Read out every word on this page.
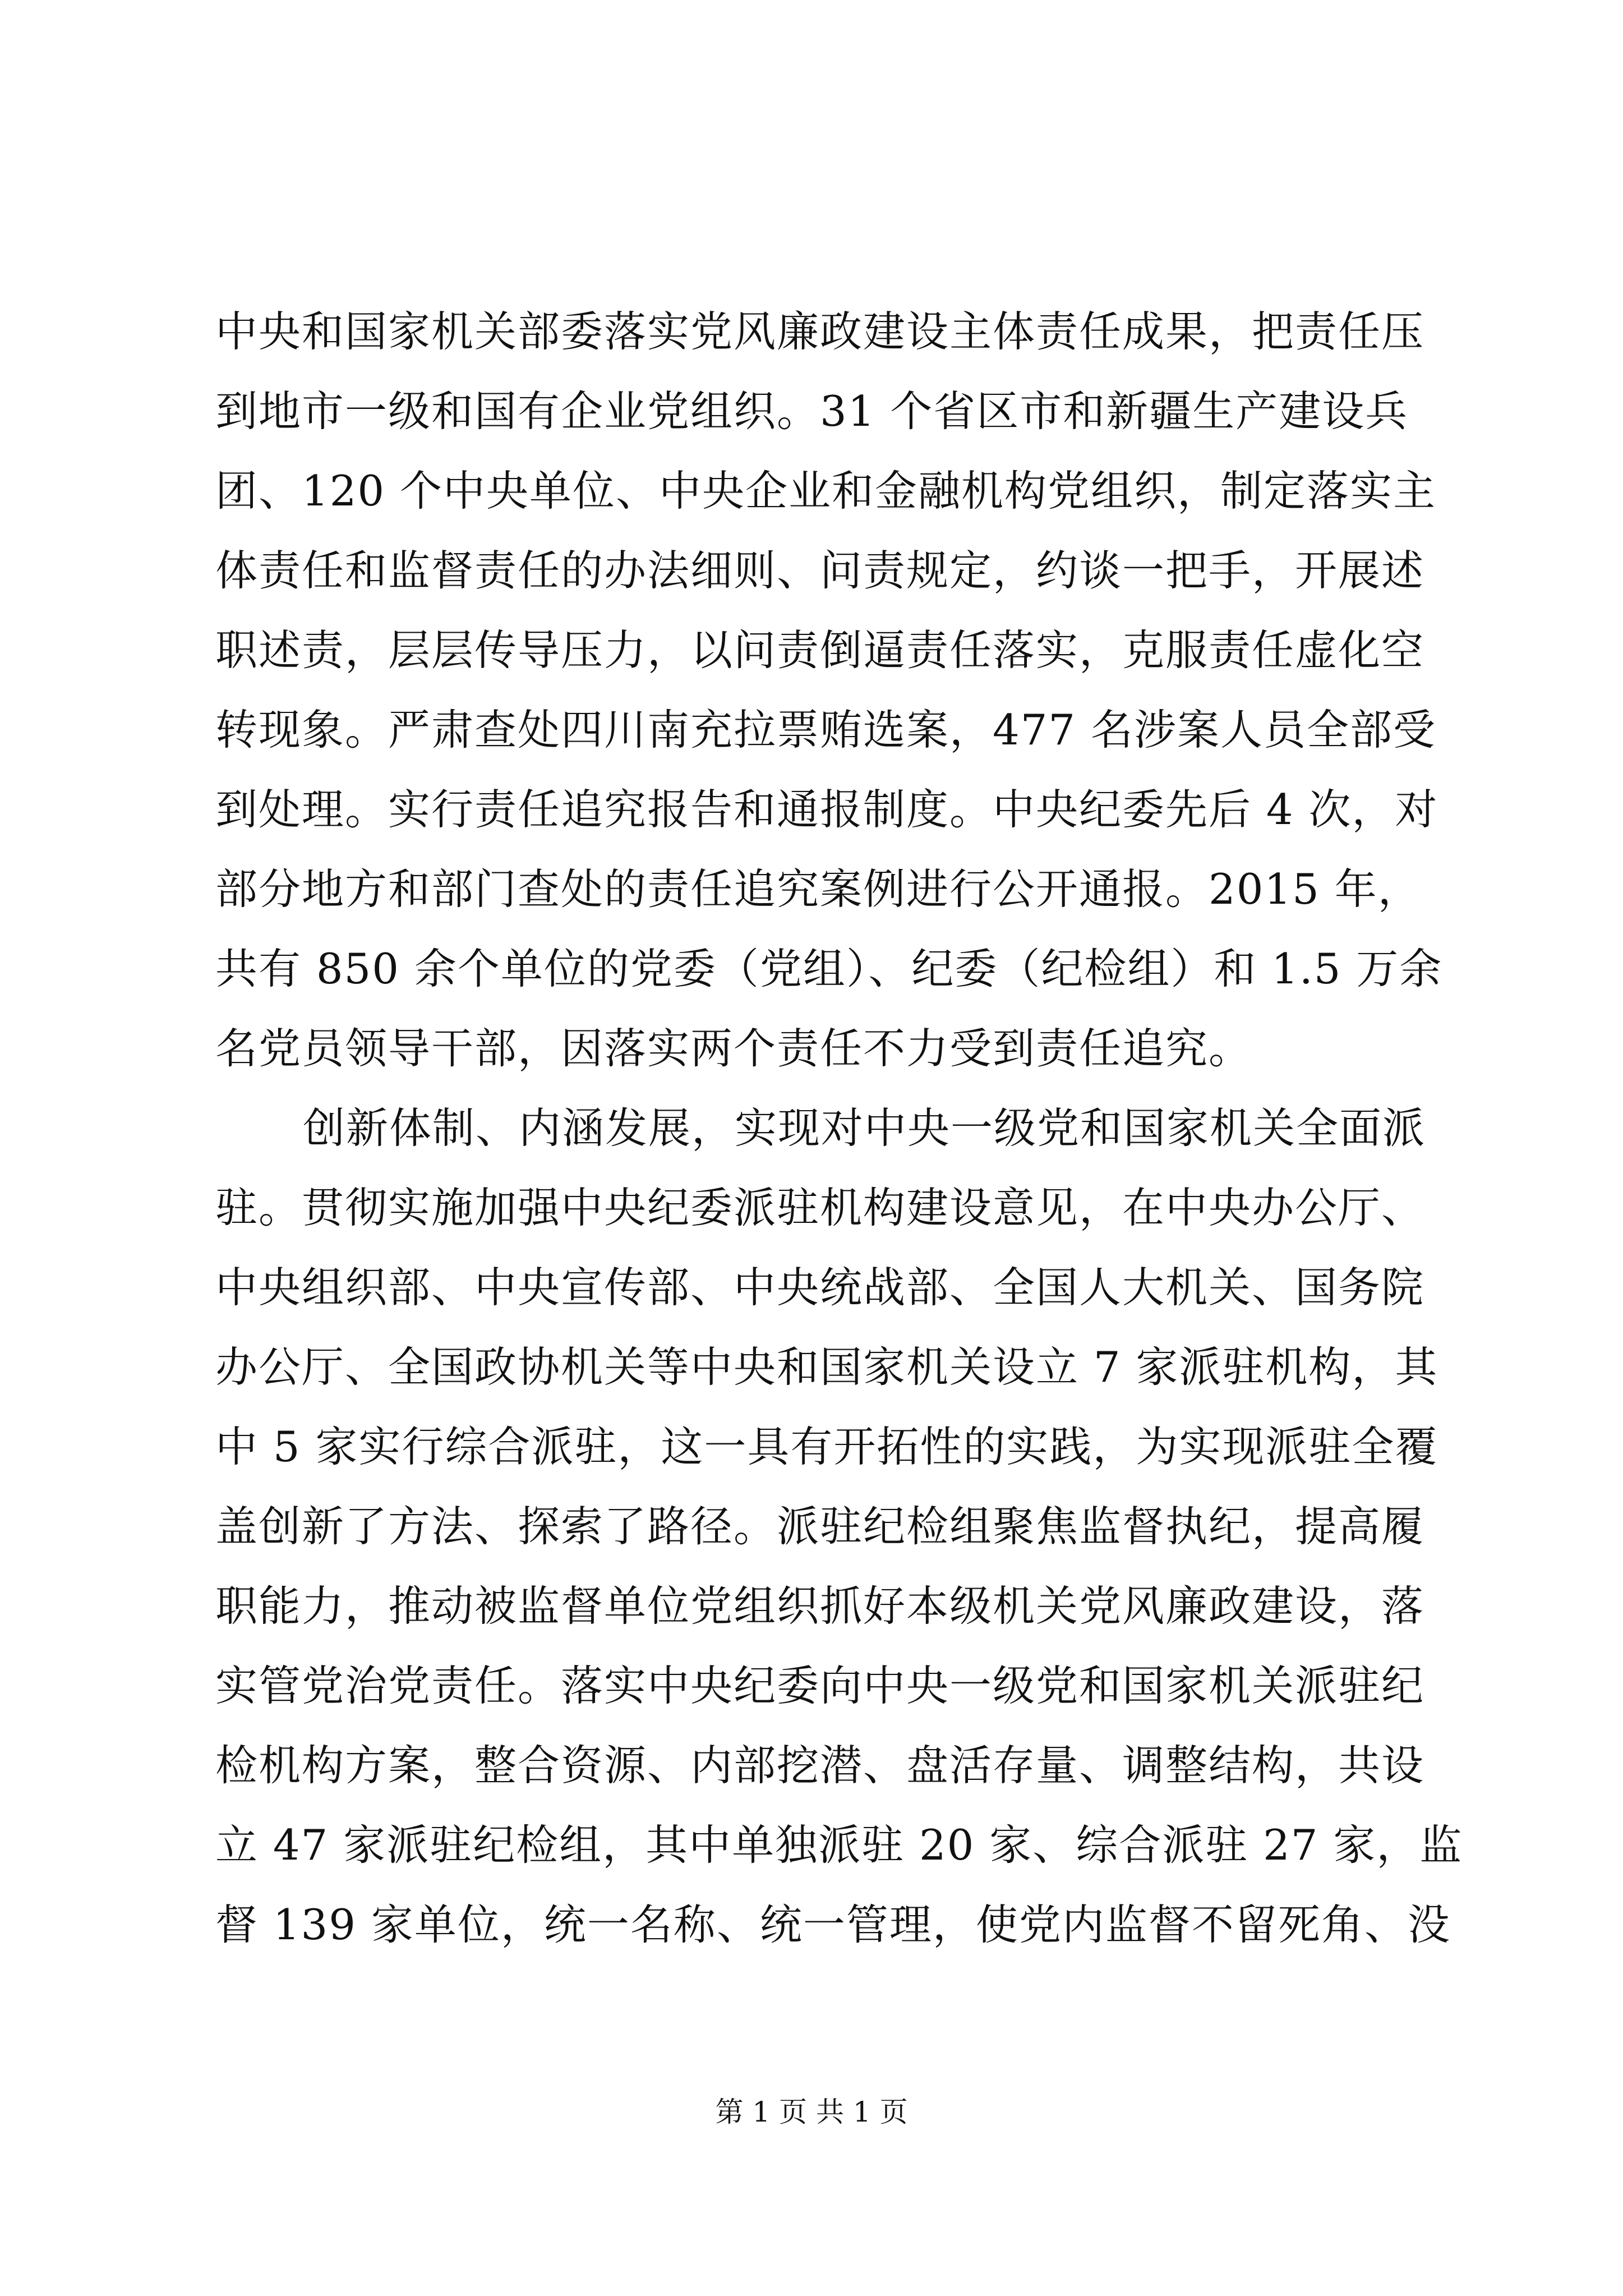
中央和国家机关部委落实党风廉政建设主体责任成果，把责任压
到地市一级和国有企业党组织。31 个省区市和新疆生产建设兵
团、120 个中央单位、中央企业和金融机构党组织，制定落实主
体责任和监督责任的办法细则、问责规定，约谈一把手，开展述
职述责，层层传导压力，以问责倒逼责任落实，克服责任虚化空
转现象。严肃查处四川南充拉票贿选案，477 名涉案人员全部受
到处理。实行责任追究报告和通报制度。中央纪委先后 4 次，对
部分地方和部门查处的责任追究案例进行公开通报。2015 年，
共有 850 余个单位的党委（党组）、纪委（纪检组）和 1.5 万余
名党员领导干部，因落实两个责任不力受到责任追究。
创新体制、内涵发展，实现对中央一级党和国家机关全面派
驻。贯彻实施加强中央纪委派驻机构建设意见，在中央办公厅、
中央组织部、中央宣传部、中央统战部、全国人大机关、国务院
办公厅、全国政协机关等中央和国家机关设立 7 家派驻机构，其
中 5 家实行综合派驻，这一具有开拓性的实践，为实现派驻全覆
盖创新了方法、探索了路径。派驻纪检组聚焦监督执纪，提高履
职能力，推动被监督单位党组织抓好本级机关党风廉政建设，落
实管党治党责任。落实中央纪委向中央一级党和国家机关派驻纪
检机构方案，整合资源、内部挖潜、盘活存量、调整结构，共设
立 47 家派驻纪检组，其中单独派驻 20 家、综合派驻 27 家，监
督 139 家单位，统一名称、统一管理，使党内监督不留死角、没
第 1 页 共 1 页
